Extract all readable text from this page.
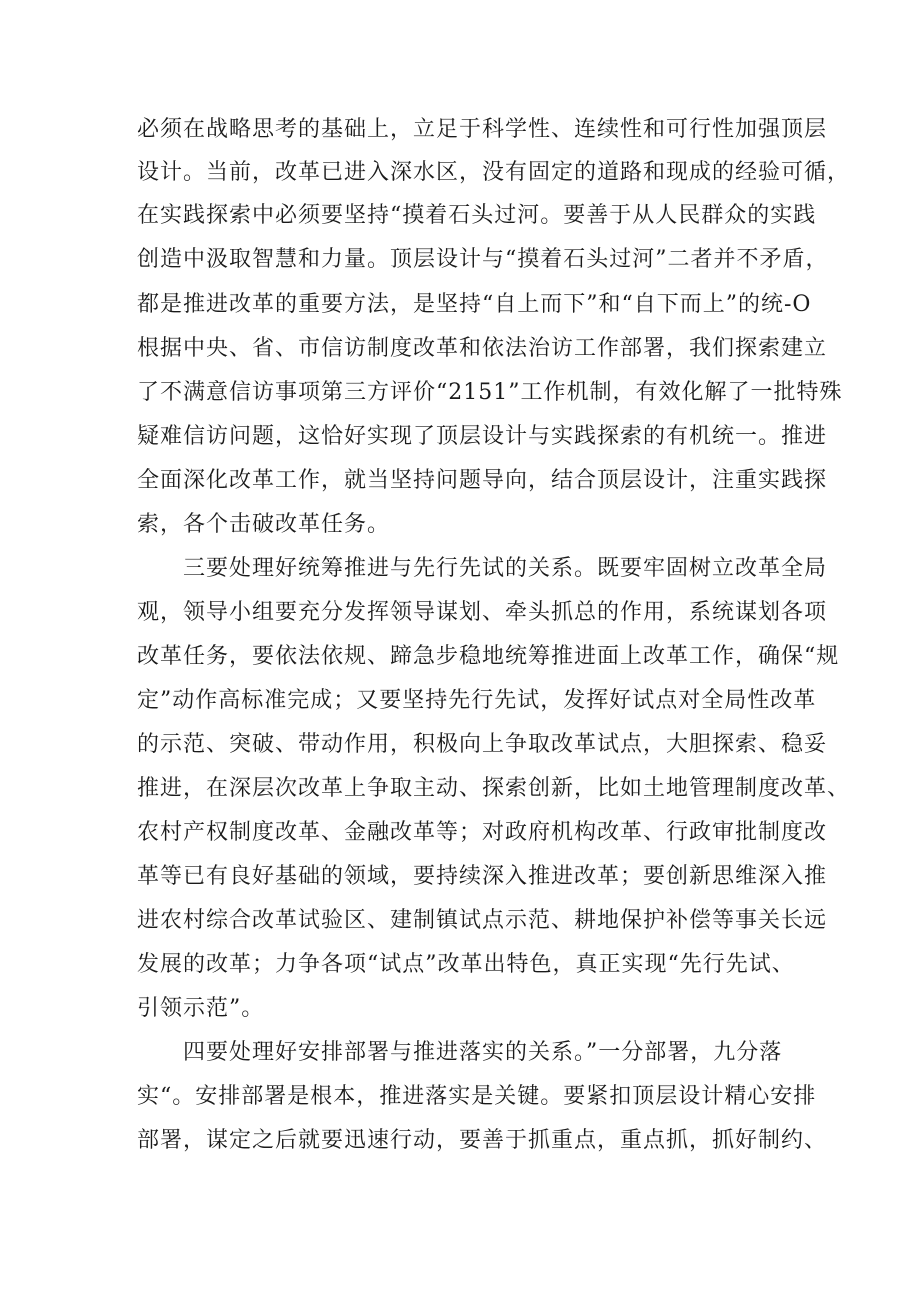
必须在战略思考的基础上，立足于科学性、连续性和可行性加强顶层
设计。当前，改革已进入深水区，没有固定的道路和现成的经验可循，
在实践探索中必须要坚持“摸着石头过河。要善于从人民群众的实践
创造中汲取智慧和力量。顶层设计与“摸着石头过河”二者并不矛盾，
都是推进改革的重要方法，是坚持“自上而下”和“自下而上”的统-O
根据中央、省、市信访制度改革和依法治访工作部署，我们探索建立
了不满意信访事项第三方评价“2151”工作机制，有效化解了一批特殊
疑难信访问题，这恰好实现了顶层设计与实践探索的有机统一。推进
全面深化改革工作，就当坚持问题导向，结合顶层设计，注重实践探
索，各个击破改革任务。
三要处理好统筹推进与先行先试的关系。既要牢固树立改革全局
观，领导小组要充分发挥领导谋划、牵头抓总的作用，系统谋划各项
改革任务，要依法依规、蹄急步稳地统筹推进面上改革工作，确保“规
定”动作高标准完成；又要坚持先行先试，发挥好试点对全局性改革
的示范、突破、带动作用，积极向上争取改革试点，大胆探索、稳妥
推进，在深层次改革上争取主动、探索创新，比如土地管理制度改革、
农村产权制度改革、金融改革等；对政府机构改革、行政审批制度改
革等已有良好基础的领域，要持续深入推进改革；要创新思维深入推
进农村综合改革试验区、建制镇试点示范、耕地保护补偿等事关长远
发展的改革；力争各项“试点”改革出特色，真正实现“先行先试、
引领示范”。
四要处理好安排部署与推进落实的关系。”一分部署，九分落
实“。安排部署是根本，推进落实是关键。要紧扣顶层设计精心安排
部署，谋定之后就要迅速行动，要善于抓重点，重点抓，抓好制约、
